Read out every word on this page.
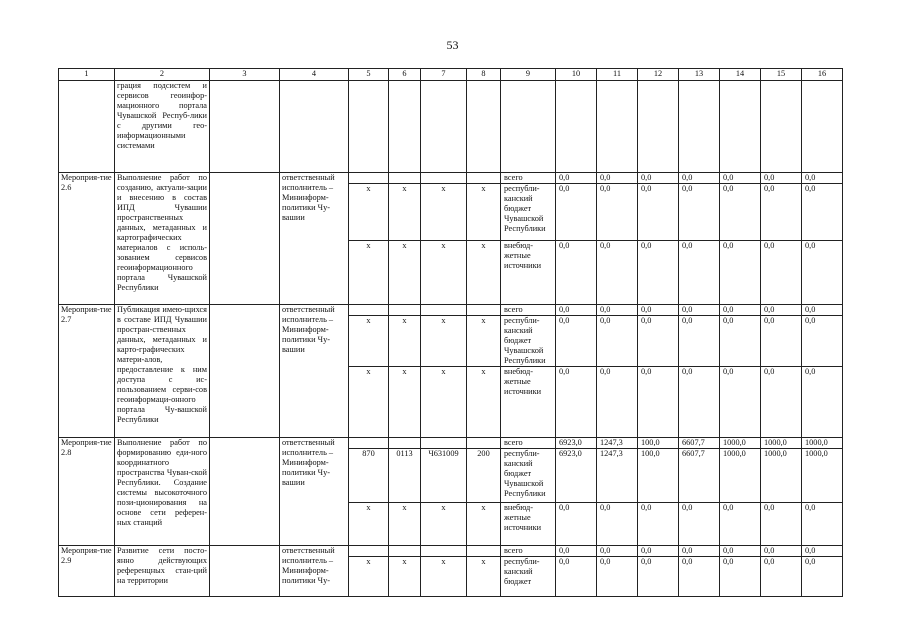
53
1	2	3	4	5	6	7	8	9	10	11	12	13	14	15	16
	грация подсистем и сервисов геоинфор-мационного портала Чувашской Респуб-лики с другими гео-информационными системами														
Мероприя-тие 2.6	Выполнение работ по созданию, актуали-зации и внесению в состав ИПД Чувашии пространственных данных, метаданных и картографических материалов с исполь-зованием сервисов геоинформационного портала Чувашской Республики		ответственный исполнитель – Мининформ-политики Чу-вашии					всего	0,0	0,0	0,0	0,0	0,0	0,0	0,0
				x	x	x	x	республи-канский бюджет Чувашской Республики	0,0	0,0	0,0	0,0	0,0	0,0	0,0
				x	x	x	x	внебюд-жетные источники	0,0	0,0	0,0	0,0	0,0	0,0	0,0
Мероприя-тие 2.7	Публикация имею-щихся в составе ИПД Чувашии простран-ственных данных, метаданных и карто-графических матери-алов, предоставление к ним доступа с ис-пользованием серви-сов геоинформаци-онного портала Чу-вашской Республики		ответственный исполнитель – Мининформ-политики Чу-вашии					всего	0,0	0,0	0,0	0,0	0,0	0,0	0,0
				x	x	x	x	республи-канский бюджет Чувашской Республики	0,0	0,0	0,0	0,0	0,0	0,0	0,0
				x	x	x	x	внебюд-жетные источники	0,0	0,0	0,0	0,0	0,0	0,0	0,0
Мероприя-тие 2.8	Выполнение работ по формированию еди-ного координатного пространства Чуван-ской Республики. Создание системы высокоточного пози-ционирования на основе сети референ-ных станций		ответственный исполнитель – Мининформ-политики Чу-вашии					всего	6923,0	1247,3	100,0	6607,7	1000,0	1000,0	1000,0
				870	0113	Ч631009	200	республи-канский бюджет Чувашской Республики	6923,0	1247,3	100,0	6607,7	1000,0	1000,0	1000,0
				x	x	x	x	внебюд-жетные источники	0,0	0,0	0,0	0,0	0,0	0,0	0,0
Мероприя-тие 2.9	Развитие сети посто-янно действующих референцных стан-ций на территории		ответственный исполнитель – Мининформ-политики Чу-					всего	0,0	0,0	0,0	0,0	0,0	0,0	0,0
				x	x	x	x	республи-канский бюджет	0,0	0,0	0,0	0,0	0,0	0,0	0,0
